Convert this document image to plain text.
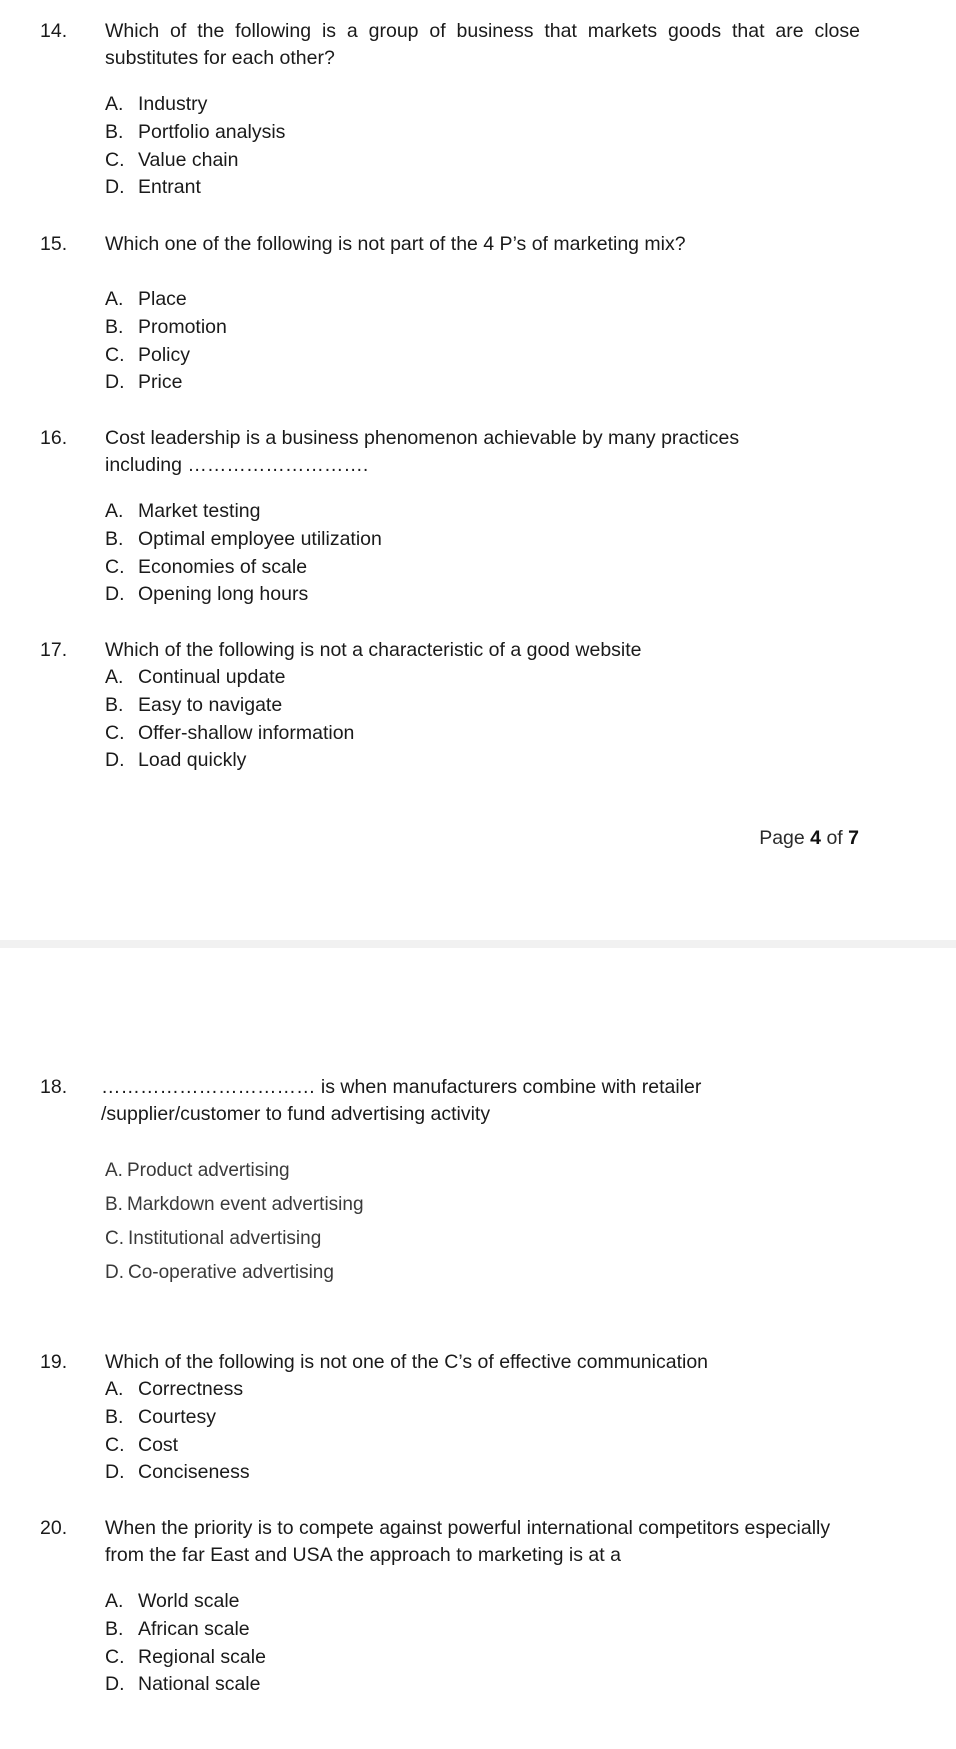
14. Which of the following is a group of business that markets goods that are close substitutes for each other?
A. Industry
B. Portfolio analysis
C. Value chain
D. Entrant
15. Which one of the following is not part of the 4 P’s of marketing mix?
A. Place
B. Promotion
C. Policy
D. Price
16. Cost leadership is a business phenomenon achievable by many practices
including ……………………….
A. Market testing
B. Optimal employee utilization
C. Economies of scale
D. Opening long hours
17. Which of the following is not a characteristic of a good website
A. Continual update
B. Easy to navigate
C. Offer-shallow information
D. Load quickly
Page 4 of 7
18. …………………………… is when manufacturers combine with retailer
/supplier/customer to fund advertising activity
A. Product advertising
B. Markdown event advertising
C. Institutional advertising
D. Co-operative advertising
19. Which of the following is not one of the C’s of effective communication
A. Correctness
B. Courtesy
C. Cost
D. Conciseness
20. When the priority is to compete against powerful international competitors especially from the far East and USA the approach to marketing is at a
A. World scale
B. African scale
C. Regional scale
D. National scale
